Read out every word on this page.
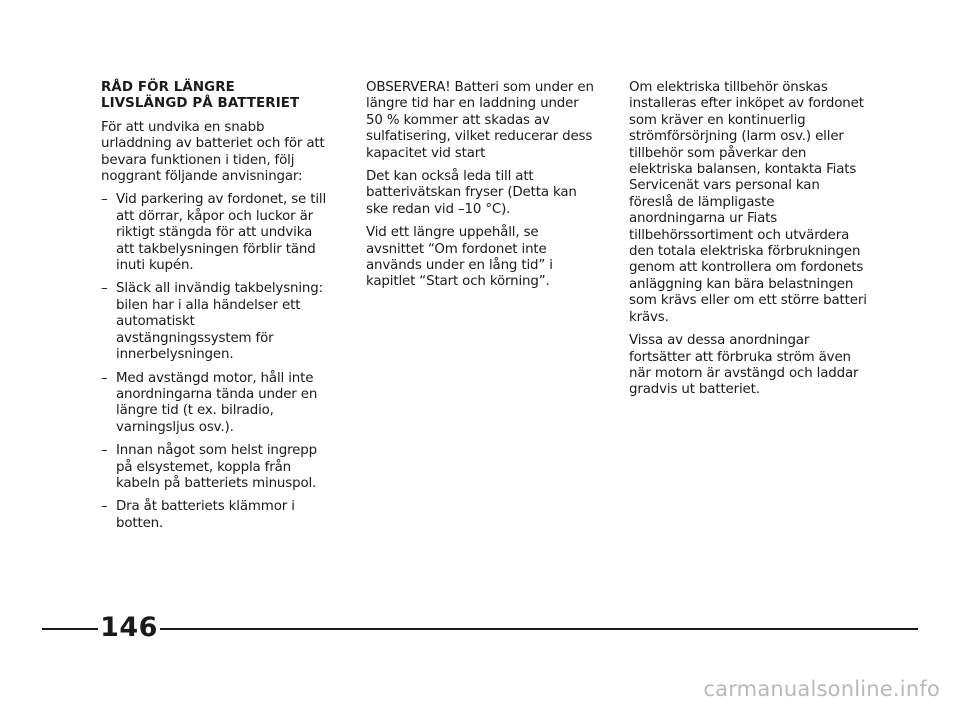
RÅD FÖR LÄNGRE
LIVSLÄNGD PÅ BATTERIET

För att undvika en snabb urladdning av batteriet och för att bevara funktionen i tiden, följ noggrant följande anvisningar:

– Vid parkering av fordonet, se till att dörrar, kåpor och luckor är riktigt stängda för att undvika att takbelysningen förblir tänd inuti kupén.
– Släck all invändig takbelysning: bilen har i alla händelser ett automatiskt avstängningssystem för innerbelysningen.
– Med avstängd motor, håll inte anordningarna tända under en längre tid (t ex. bilradio, varningsljus osv.).
– Innan något som helst ingrepp på elsystemet, koppla från kabeln på batteriets minuspol.
– Dra åt batteriets klämmor i botten.

OBSERVERA! Batteri som under en längre tid har en laddning under 50 % kommer att skadas av sulfatisering, vilket reducerar dess kapacitet vid start

Det kan också leda till att batterivätskan fryser (Detta kan ske redan vid –10 °C).

Vid ett längre uppehåll, se avsnittet “Om fordonet inte används under en lång tid” i kapitlet “Start och körning”.

Om elektriska tillbehör önskas installeras efter inköpet av fordonet som kräver en kontinuerlig strömförsörjning (larm osv.) eller tillbehör som påverkar den elektriska balansen, kontakta Fiats Servicenät vars personal kan föreslå de lämpligaste anordningarna ur Fiats tillbehörssortiment och utvärdera den totala elektriska förbrukningen genom att kontrollera om fordonets anläggning kan bära belastningen som krävs eller om ett större batteri krävs.

Vissa av dessa anordningar fortsätter att förbruka ström även när motorn är avstängd och laddar gradvis ut batteriet.

146
carmanualsonline.info
